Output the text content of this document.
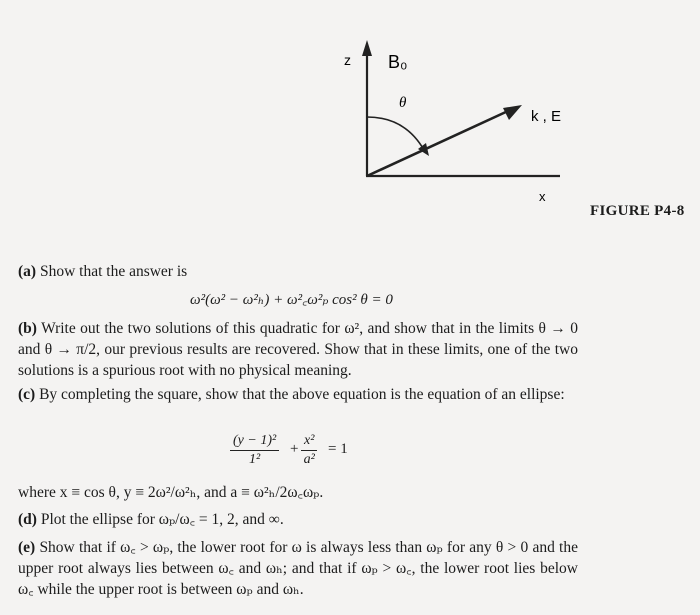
z B₀
θ
k , E
x
FIGURE P4-8
(a) Show that the answer is
ω²(ω² − ω²ₕ) + ω²꜀ω²ₚ cos² θ = 0
(b) Write out the two solutions of this quadratic for ω², and show that in the limits θ → 0 and θ → π/2, our previous results are recovered. Show that in these limits, one of the two solutions is a spurious root with no physical meaning.
(c) By completing the square, show that the above equation is the equation of an ellipse:
$\frac{\text{(y − 1)²}}{\text{1²}} + \frac{\text{x²}}{\text{a²}} = 1$
where x ≡ cos θ, y ≡ 2ω²/ω²ₕ, and a ≡ ω²ₕ/2ω꜀ωₚ.
(d) Plot the ellipse for ωₚ/ω꜀ = 1, 2, and ∞.
(e) Show that if ω꜀ > ωₚ, the lower root for ω is always less than ωₚ for any θ > 0 and the upper root always lies between ω꜀ and ωₕ; and that if ωₚ > ω꜀, the lower root lies below ω꜀ while the upper root is between ωₚ and ωₕ.
